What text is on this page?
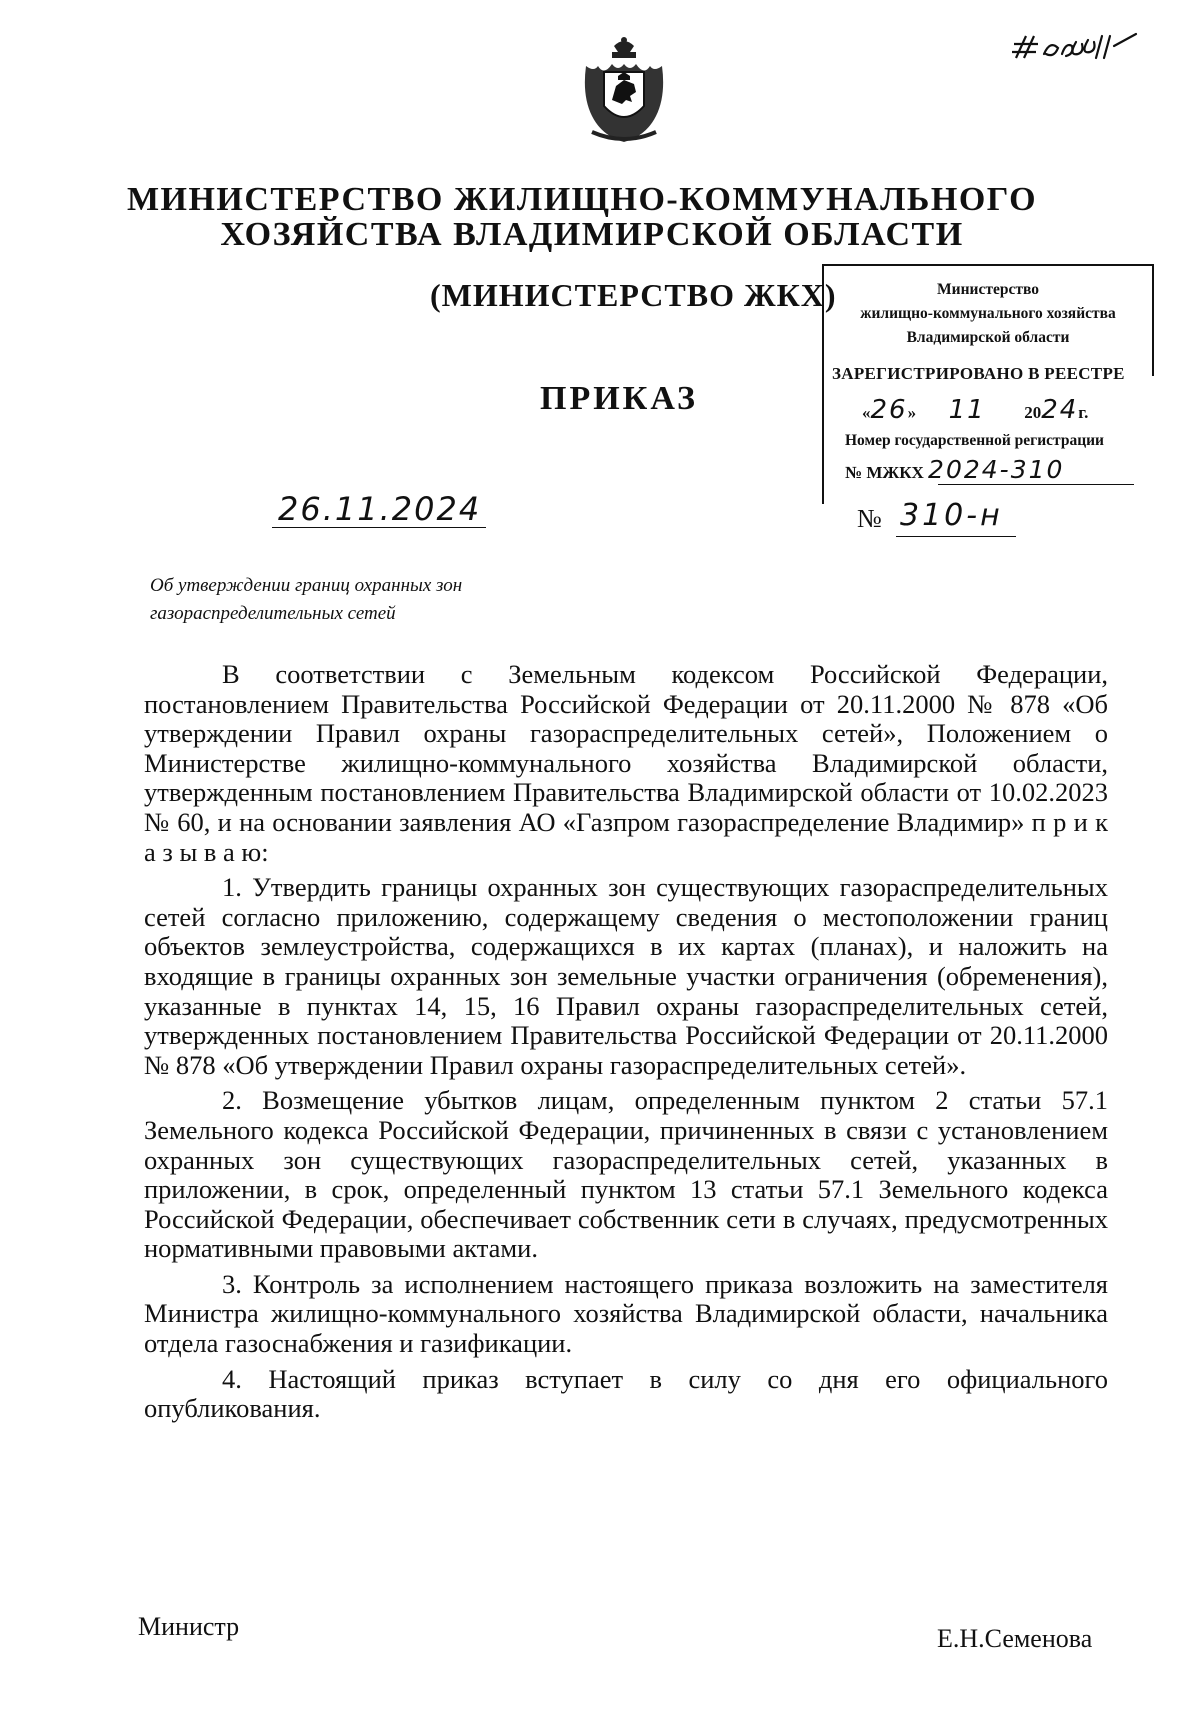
МИНИСТЕРСТВО ЖИЛИЩНО-КОММУНАЛЬНОГО
ХОЗЯЙСТВА ВЛАДИМИРСКОЙ ОБЛАСТИ
(МИНИСТЕРСТВО ЖКХ)
ПРИКАЗ
Министерство
жилищно-коммунального хозяйства
Владимирской области
ЗАРЕГИСТРИРОВАНО В РЕЕСТРЕ
«26» 11 2024г.
Номер государственной регистрации
№ МЖКХ 2024-310
26.11.2024	№ 310-н
Об утверждении границ охранных зон
газораспределительных сетей

В соответствии с Земельным кодексом Российской Федерации, постановлением Правительства Российской Федерации от 20.11.2000 № 878 «Об утверждении Правил охраны газораспределительных сетей», Положением о Министерстве жилищно-коммунального хозяйства Владимирской области, утвержденным постановлением Правительства Владимирской области от 10.02.2023 № 60, и на основании заявления АО «Газпром газораспределение Владимир» п р и к а з ы в а ю:

1. Утвердить границы охранных зон существующих газораспределительных сетей согласно приложению, содержащему сведения о местоположении границ объектов землеустройства, содержащихся в их картах (планах), и наложить на входящие в границы охранных зон земельные участки ограничения (обременения), указанные в пунктах 14, 15, 16 Правил охраны газораспределительных сетей, утвержденных постановлением Правительства Российской Федерации от 20.11.2000 № 878 «Об утверждении Правил охраны газораспределительных сетей».

2. Возмещение убытков лицам, определенным пунктом 2 статьи 57.1 Земельного кодекса Российской Федерации, причиненных в связи с установлением охранных зон существующих газораспределительных сетей, указанных в приложении, в срок, определенный пунктом 13 статьи 57.1 Земельного кодекса Российской Федерации, обеспечивает собственник сети в случаях, предусмотренных нормативными правовыми актами.

3. Контроль за исполнением настоящего приказа возложить на заместителя Министра жилищно-коммунального хозяйства Владимирской области, начальника отдела газоснабжения и газификации.

4. Настоящий приказ вступает в силу со дня его официального опубликования.

Министр	Е.Н.Семенова
